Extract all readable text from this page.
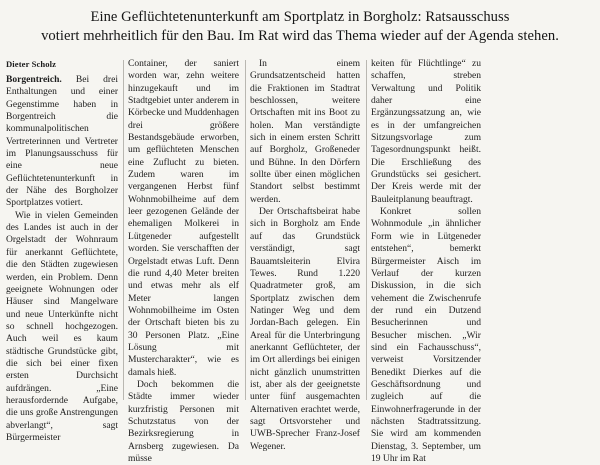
Eine Geflüchtetenunterkunft am Sportplatz in Borgholz: Ratsausschuss
votiert mehrheitlich für den Bau. Im Rat wird das Thema wieder auf der Agenda stehen.
Dieter Scholz

Borgentreich. Bei drei Enthaltungen und einer Gegenstimme haben in Borgentreich die kommunalpolitischen Vertreterinnen und Vertreter im Planungsausschuss für eine neue Geflüchtetenunterkunft in der Nähe des Borgholzer Sportplatzes votiert.

Wie in vielen Gemeinden des Landes ist auch in der Orgelstadt der Wohnraum für anerkannt Geflüchtete, die den Städten zugewiesen werden, ein Problem. Denn geeignete Wohnungen oder Häuser sind Mangelware und neue Unterkünfte nicht so schnell hochgezogen. Auch weil es kaum städtische Grundstücke gibt, die sich bei einer fixen ersten Durchsicht aufdrängen. „Eine herausfordernde Aufgabe, die uns große Anstrengungen abverlangt“, sagt Bürgermeister

Container, der saniert worden war, zehn weitere hinzugekauft und im Stadtgebiet unter anderem in Körbecke und Muddenhagen drei größere Bestandsgebäude erworben, um geflüchteten Menschen eine Zuflucht zu bieten. Zudem waren im vergangenen Herbst fünf Wohnmobilheime auf dem leer gezogenen Gelände der ehemaligen Molkerei in Lütgeneder aufgestellt worden. Sie verschafften der Orgelstadt etwas Luft. Denn die rund 4,40 Meter breiten und etwas mehr als elf Meter langen Wohnmobilheime im Osten der Ortschaft bieten bis zu 30 Personen Platz. „Eine Lösung mit Mustercharakter“, wie es damals hieß.

Doch bekommen die Städte immer wieder kurzfristig Personen mit Schutzstatus von der Bezirksregierung in Arnsberg zugewiesen. Da müsse

In einem Grundsatzentscheid hatten die Fraktionen im Stadtrat beschlossen, weitere Ortschaften mit ins Boot zu holen. Man verständigte sich in einem ersten Schritt auf Borgholz, Großeneder und Bühne. In den Dörfern sollte über einen möglichen Standort selbst bestimmt werden.

Der Ortschaftsbeirat habe sich in Borgholz am Ende auf das Grundstück verständigt, sagt Bauamtsleiterin Elvira Tewes. Rund 1.220 Quadratmeter groß, am Sportplatz zwischen dem Natinger Weg und dem Jordan-Bach gelegen. Ein Areal für die Unterbringung anerkannt Geflüchteter, der im Ort allerdings bei einigen nicht gänzlich unumstritten ist, aber als der geeignetste unter fünf ausgemachten Alternativen erachtet werde, sagt Ortsvorsteher und UWB-Sprecher Franz-Josef Wegener.

keiten für Flüchtlinge“ zu schaffen, streben Verwaltung und Politik daher eine Ergänzungssatzung an, wie es in der umfangreichen Sitzungsvorlage zum Tagesordnungspunkt heißt. Die Erschließung des Grundstücks sei gesichert. Der Kreis werde mit der Bauleitplanung beauftragt.

Konkret sollen Wohnmodule „in ähnlicher Form wie in Lütgeneder entstehen“, bemerkt Bürgermeister Aisch im Verlauf der kurzen Diskussion, in die sich vehement die Zwischenrufe der rund ein Dutzend Besucherinnen und Besucher mischen. „Wir sind ein Fachausschuss“, verweist Vorsitzender Benedikt Dierkes auf die Geschäftsordnung und zugleich auf die Einwohnerfragerunde in der nächsten Stadtratssitzung. Sie wird am kommenden Dienstag, 3. September, um 19 Uhr im Rat
